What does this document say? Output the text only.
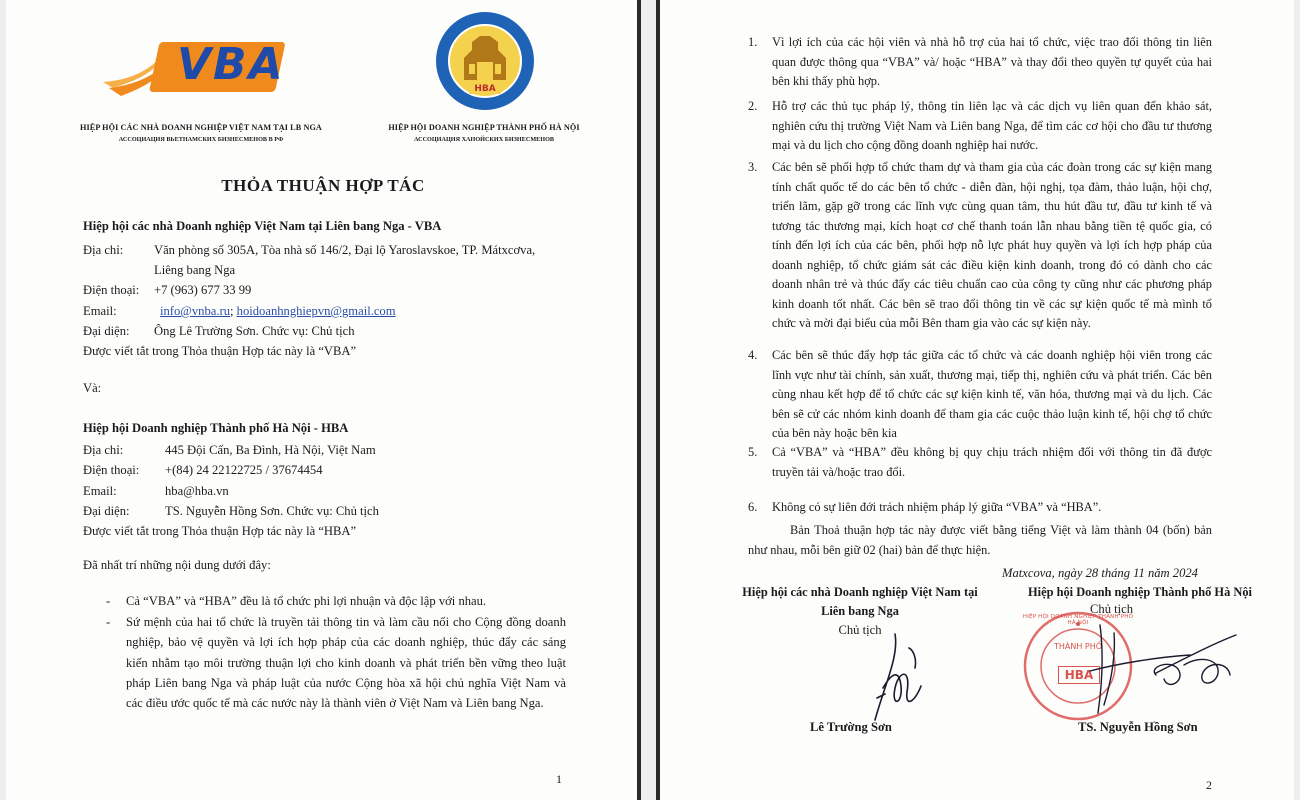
VBA	HBA
HIỆP HỘI CÁC NHÀ DOANH NGHIỆP VIỆT NAM TẠI LB NGA
АССОЦИАЦИЯ ВЬЕТНАМСКИХ БИЗНЕСМЕНОВ В РФ
HIỆP HỘI DOANH NGHIỆP THÀNH PHỐ HÀ NỘI
АССОЦИАЦИЯ ХАНОЙСКИХ БИЗНЕСМЕНОВ
THỎA THUẬN HỢP TÁC
Hiệp hội các nhà Doanh nghiệp Việt Nam tại Liên bang Nga - VBA
Địa chỉ: Văn phòng số 305A, Tòa nhà số 146/2, Đại lộ Yaroslavskoe, TP. Mátxcơva,
Liêng bang Nga
Điện thoại: +7 (963) 677 33 99
Email:	info@vnba.ru; hoidoanhnghiepvn@gmail.com
Đại diện: Ông Lê Trường Sơn. Chức vụ: Chủ tịch
Được viết tắt trong Thỏa thuận Hợp tác này là “VBA”
Và:
Hiệp hội Doanh nghiệp Thành phố Hà Nội - HBA
Địa chỉ:	445 Đội Cấn, Ba Đình, Hà Nội, Việt Nam
Điện thoại: +(84) 24 22122725 / 37674454
Email:	hba@hba.vn
Đại diện:	TS. Nguyễn Hồng Sơn. Chức vụ: Chủ tịch
Được viết tắt trong Thỏa thuận Hợp tác này là “HBA”
Đã nhất trí những nội dung dưới đây:
- Cả “VBA” và “HBA” đều là tổ chức phi lợi nhuận và độc lập với nhau.
- Sứ mệnh của hai tổ chức là truyền tải thông tin và làm cầu nối cho Cộng đồng doanh nghiệp, bảo vệ quyền và lợi ích hợp pháp của các doanh nghiệp, thúc đẩy các sáng kiến nhằm tạo môi trường thuận lợi cho kinh doanh và phát triển bền vững theo luật pháp Liên bang Nga và pháp luật của nước Cộng hòa xã hội chủ nghĩa Việt Nam và các điều ước quốc tế mà các nước này là thành viên ở Việt Nam và Liên bang Nga.
1
1. Vì lợi ích của các hội viên và nhà hỗ trợ của hai tổ chức, việc trao đổi thông tin liên quan được thông qua “VBA” và/ hoặc “HBA” và thay đổi theo quyền tự quyết của hai bên khi thấy phù hợp.
2. Hỗ trợ các thủ tục pháp lý, thông tin liên lạc và các dịch vụ liên quan đến khảo sát, nghiên cứu thị trường Việt Nam và Liên bang Nga, để tìm các cơ hội cho đầu tư thương mại và du lịch cho cộng đồng doanh nghiệp hai nước.
3. Các bên sẽ phối hợp tổ chức tham dự và tham gia của các đoàn trong các sự kiện mang tính chất quốc tế do các bên tổ chức - diễn đàn, hội nghị, tọa đàm, thảo luận, hội chợ, triển lãm, gặp gỡ trong các lĩnh vực cùng quan tâm, thu hút đầu tư, đầu tư kinh tế và tương tác thương mại, kích hoạt cơ chế thanh toán lẫn nhau bằng tiền tệ quốc gia, có tính đến lợi ích của các bên, phối hợp nỗ lực phát huy quyền và lợi ích hợp pháp của doanh nghiệp, tổ chức giám sát các điều kiện kinh doanh, trong đó có dành cho các doanh nhân trẻ và thúc đẩy các tiêu chuẩn cao của công ty cũng như các phương pháp kinh doanh tốt nhất. Các bên sẽ trao đổi thông tin về các sự kiện quốc tế mà mình tổ chức và mời đại biểu của mỗi Bên tham gia vào các sự kiện này.
4. Các bên sẽ thúc đẩy hợp tác giữa các tổ chức và các doanh nghiệp hội viên trong các lĩnh vực như tài chính, sản xuất, thương mại, tiếp thị, nghiên cứu và phát triển. Các bên cùng nhau kết hợp để tổ chức các sự kiện kinh tế, văn hóa, thương mại và du lịch. Các bên sẽ cử các nhóm kinh doanh để tham gia các cuộc thảo luận kinh tế, hội chợ tổ chức của bên này hoặc bên kia
5. Cả “VBA” và “HBA” đều không bị quy chịu trách nhiệm đối với thông tin đã được truyền tải và/hoặc trao đổi.
6. Không có sự liên đới trách nhiệm pháp lý giữa “VBA” và “HBA”.
Bản Thoả thuận hợp tác này được viết bằng tiếng Việt và làm thành 04 (bốn) bản như nhau, mỗi bên giữ 02 (hai) bản để thực hiện.
Matxcova, ngày 28 tháng 11 năm 2024
Hiệp hội các nhà Doanh nghiệp Việt Nam tại
Liên bang Nga
Chủ tịch
Hiệp hội Doanh nghiệp Thành phố Hà Nội
Chủ tịch
HIỆP HỘI DOANH NGHIỆP THÀNH PHỐ HÀ NỘI
THÀNH PHỐ
HBA
Lê Trường Sơn	TS. Nguyễn Hồng Sơn
2
